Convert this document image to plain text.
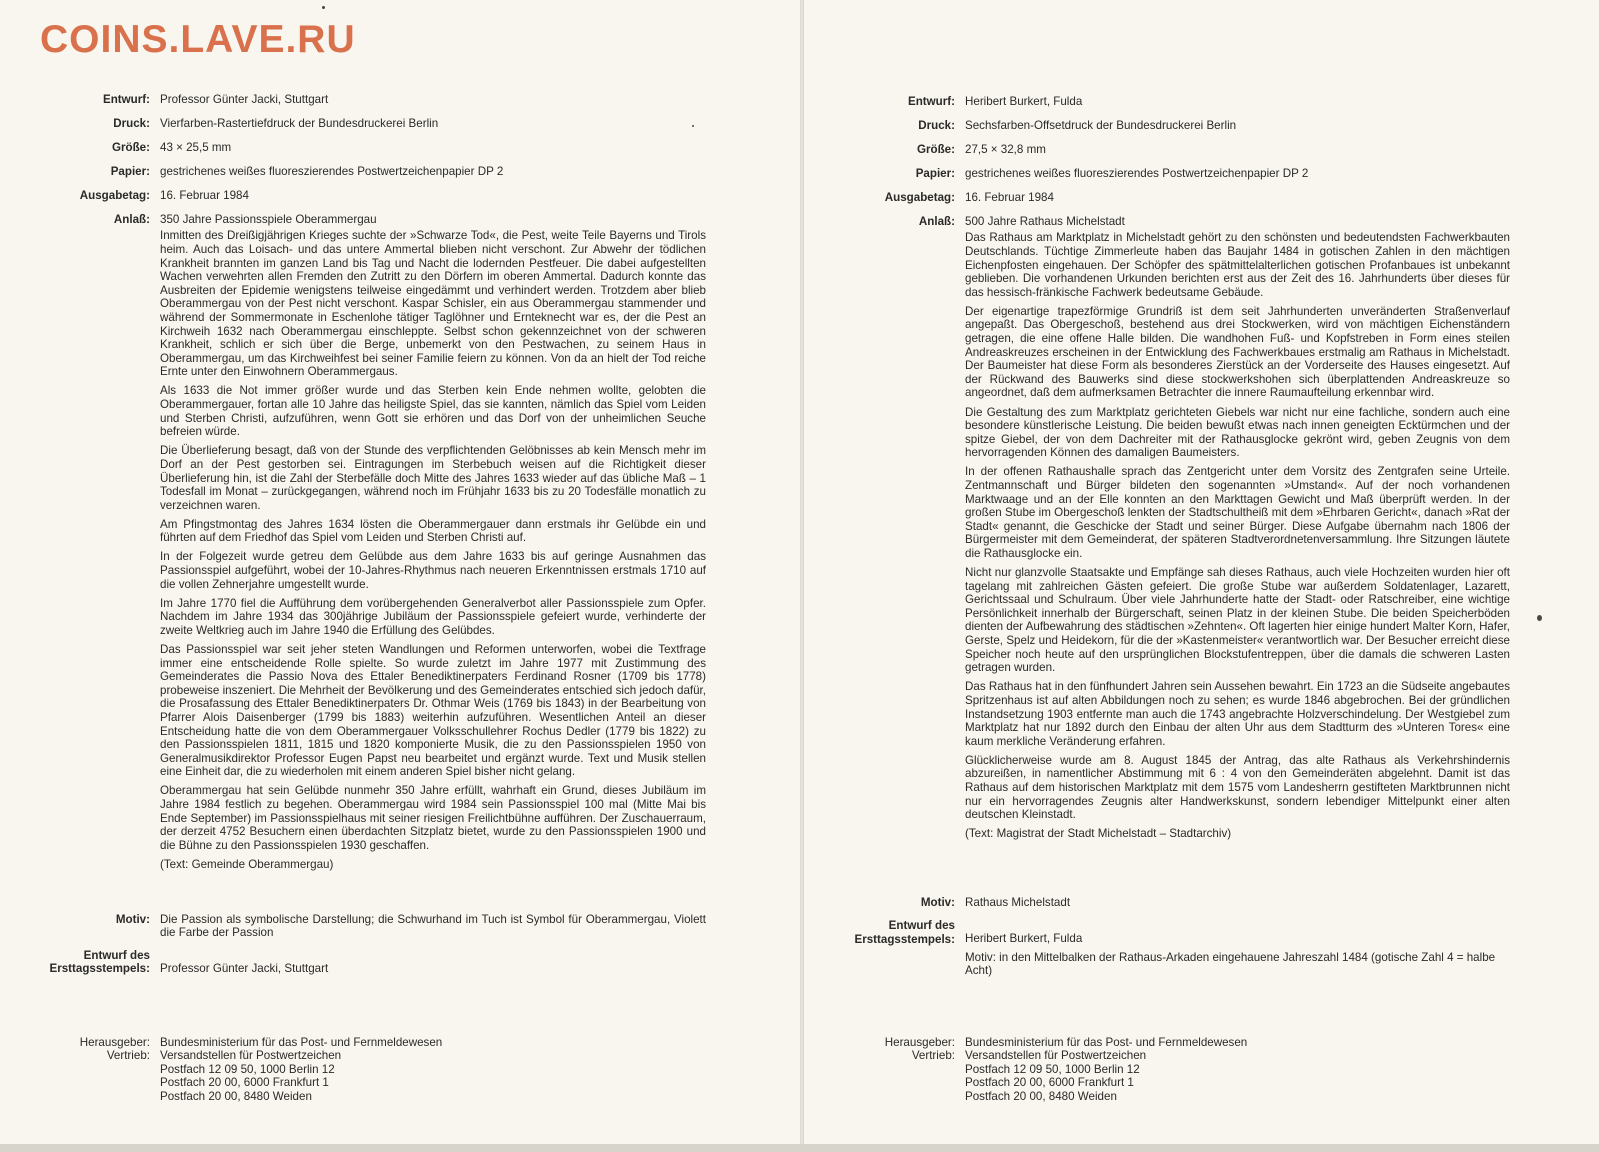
COINS.LAVE.RU
Entwurf: Professor Günter Jacki, Stuttgart
Druck: Vierfarben-Rastertiefdruck der Bundesdruckerei Berlin
Größe: 43 × 25,5 mm
Papier: gestrichenes weißes fluoreszierendes Postwertzeichenpapier DP 2
Ausgabetag: 16. Februar 1984
Anlaß: 350 Jahre Passionsspiele Oberammergau

Inmitten des Dreißigjährigen Krieges suchte der »Schwarze Tod«, die Pest, weite Teile Bayerns und Tirols heim. Auch das Loisach- und das untere Ammertal blieben nicht verschont. Zur Abwehr der tödlichen Krankheit brannten im ganzen Land bis Tag und Nacht die lodernden Pestfeuer. Die dabei aufgestellten Wachen verwehrten allen Fremden den Zutritt zu den Dörfern im oberen Ammertal. Dadurch konnte das Ausbreiten der Epidemie wenigstens teilweise eingedämmt und verhindert werden. Trotzdem aber blieb Oberammergau von der Pest nicht verschont. Kaspar Schisler, ein aus Oberammergau stammender und während der Sommermonate in Eschenlohe tätiger Taglöhner und Ernteknecht war es, der die Pest an Kirchweih 1632 nach Oberammergau einschleppte. Selbst schon gekennzeichnet von der schweren Krankheit, schlich er sich über die Berge, unbemerkt von den Pestwachen, zu seinem Haus in Oberammergau, um das Kirchweihfest bei seiner Familie feiern zu können. Von da an hielt der Tod reiche Ernte unter den Einwohnern Oberammergaus.

Als 1633 die Not immer größer wurde und das Sterben kein Ende nehmen wollte, gelobten die Oberammergauer, fortan alle 10 Jahre das heiligste Spiel, das sie kannten, nämlich das Spiel vom Leiden und Sterben Christi, aufzuführen, wenn Gott sie erhören und das Dorf von der unheimlichen Seuche befreien würde.

Die Überlieferung besagt, daß von der Stunde des verpflichtenden Gelöbnisses ab kein Mensch mehr im Dorf an der Pest gestorben sei. Eintragungen im Sterbebuch weisen auf die Richtigkeit dieser Überlieferung hin, ist die Zahl der Sterbefälle doch Mitte des Jahres 1633 wieder auf das übliche Maß – 1 Todesfall im Monat – zurückgegangen, während noch im Frühjahr 1633 bis zu 20 Todesfälle monatlich zu verzeichnen waren.

Am Pfingstmontag des Jahres 1634 lösten die Oberammergauer dann erstmals ihr Gelübde ein und führten auf dem Friedhof das Spiel vom Leiden und Sterben Christi auf.

In der Folgezeit wurde getreu dem Gelübde aus dem Jahre 1633 bis auf geringe Ausnahmen das Passionsspiel aufgeführt, wobei der 10-Jahres-Rhythmus nach neueren Erkenntnissen erstmals 1710 auf die vollen Zehnerjahre umgestellt wurde.

Im Jahre 1770 fiel die Aufführung dem vorübergehenden Generalverbot aller Passionsspiele zum Opfer. Nachdem im Jahre 1934 das 300jährige Jubiläum der Passionsspiele gefeiert wurde, verhinderte der zweite Weltkrieg auch im Jahre 1940 die Erfüllung des Gelübdes.

Das Passionsspiel war seit jeher steten Wandlungen und Reformen unterworfen, wobei die Textfrage immer eine entscheidende Rolle spielte. So wurde zuletzt im Jahre 1977 mit Zustimmung des Gemeinderates die Passio Nova des Ettaler Benediktinerpaters Ferdinand Rosner (1709 bis 1778) probeweise inszeniert. Die Mehrheit der Bevölkerung und des Gemeinderates entschied sich jedoch dafür, die Prosafassung des Ettaler Benediktinerpaters Dr. Othmar Weis (1769 bis 1843) in der Bearbeitung von Pfarrer Alois Daisenberger (1799 bis 1883) weiterhin aufzuführen. Wesentlichen Anteil an dieser Entscheidung hatte die von dem Oberammergauer Volksschullehrer Rochus Dedler (1779 bis 1822) zu den Passionsspielen 1811, 1815 und 1820 komponierte Musik, die zu den Passionsspielen 1950 von Generalmusikdirektor Professor Eugen Papst neu bearbeitet und ergänzt wurde. Text und Musik stellen eine Einheit dar, die zu wiederholen mit einem anderen Spiel bisher nicht gelang.

Oberammergau hat sein Gelübde nunmehr 350 Jahre erfüllt, wahrhaft ein Grund, dieses Jubiläum im Jahre 1984 festlich zu begehen. Oberammergau wird 1984 sein Passionsspiel 100 mal (Mitte Mai bis Ende September) im Passionsspielhaus mit seiner riesigen Freilichtbühne aufführen. Der Zuschauerraum, der derzeit 4752 Besuchern einen überdachten Sitzplatz bietet, wurde zu den Passionsspielen 1900 und die Bühne zu den Passionsspielen 1930 geschaffen.

(Text: Gemeinde Oberammergau)

Motiv: Die Passion als symbolische Darstellung; die Schwurhand im Tuch ist Symbol für Oberammergau, Violett die Farbe der Passion
Entwurf des
Ersttagsstempels: Professor Günter Jacki, Stuttgart
Herausgeber:
Vertrieb:
Bundesministerium für das Post- und Fernmeldewesen
Versandstellen für Postwertzeichen
Postfach 12 09 50, 1000 Berlin 12
Postfach 20 00, 6000 Frankfurt 1
Postfach 20 00, 8480 Weiden
Entwurf: Heribert Burkert, Fulda
Druck: Sechsfarben-Offsetdruck der Bundesdruckerei Berlin
Größe: 27,5 × 32,8 mm
Papier: gestrichenes weißes fluoreszierendes Postwertzeichenpapier DP 2
Ausgabetag: 16. Februar 1984
Anlaß: 500 Jahre Rathaus Michelstadt

Das Rathaus am Marktplatz in Michelstadt gehört zu den schönsten und bedeutendsten Fachwerkbauten Deutschlands. Tüchtige Zimmerleute haben das Baujahr 1484 in gotischen Zahlen in den mächtigen Eichenpfosten eingehauen. Der Schöpfer des spätmittelalterlichen gotischen Profanbaues ist unbekannt geblieben. Die vorhandenen Urkunden berichten erst aus der Zeit des 16. Jahrhunderts über dieses für das hessisch-fränkische Fachwerk bedeutsame Gebäude.

Der eigenartige trapezförmige Grundriß ist dem seit Jahrhunderten unveränderten Straßenverlauf angepaßt. Das Obergeschoß, bestehend aus drei Stockwerken, wird von mächtigen Eichenständern getragen, die eine offene Halle bilden. Die wandhohen Fuß- und Kopfstreben in Form eines steilen Andreaskreuzes erscheinen in der Entwicklung des Fachwerkbaues erstmalig am Rathaus in Michelstadt. Der Baumeister hat diese Form als besonderes Zierstück an der Vorderseite des Hauses eingesetzt. Auf der Rückwand des Bauwerks sind diese stockwerkshohen sich überplattenden Andreaskreuze so angeordnet, daß dem aufmerksamen Betrachter die innere Raumaufteilung erkennbar wird.

Die Gestaltung des zum Marktplatz gerichteten Giebels war nicht nur eine fachliche, sondern auch eine besondere künstlerische Leistung. Die beiden bewußt etwas nach innen geneigten Ecktürmchen und der spitze Giebel, der von dem Dachreiter mit der Rathausglocke gekrönt wird, geben Zeugnis von dem hervorragenden Können des damaligen Baumeisters.

In der offenen Rathaushalle sprach das Zentgericht unter dem Vorsitz des Zentgrafen seine Urteile. Zentmannschaft und Bürger bildeten den sogenannten »Umstand«. Auf der noch vorhandenen Marktwaage und an der Elle konnten an den Markttagen Gewicht und Maß überprüft werden. In der großen Stube im Obergeschoß lenkten der Stadtschultheiß mit dem »Ehrbaren Gericht«, danach »Rat der Stadt« genannt, die Geschicke der Stadt und seiner Bürger. Diese Aufgabe übernahm nach 1806 der Bürgermeister mit dem Gemeinderat, der späteren Stadtverordnetenversammlung. Ihre Sitzungen läutete die Rathausglocke ein.

Nicht nur glanzvolle Staatsakte und Empfänge sah dieses Rathaus, auch viele Hochzeiten wurden hier oft tagelang mit zahlreichen Gästen gefeiert. Die große Stube war außerdem Soldatenlager, Lazarett, Gerichtssaal und Schulraum. Über viele Jahrhunderte hatte der Stadt- oder Ratschreiber, eine wichtige Persönlichkeit innerhalb der Bürgerschaft, seinen Platz in der kleinen Stube. Die beiden Speicherböden dienten der Aufbewahrung des städtischen »Zehnten«. Oft lagerten hier einige hundert Malter Korn, Hafer, Gerste, Spelz und Heidekorn, für die der »Kastenmeister« verantwortlich war. Der Besucher erreicht diese Speicher noch heute auf den ursprünglichen Blockstufentreppen, über die damals die schweren Lasten getragen wurden.

Das Rathaus hat in den fünfhundert Jahren sein Aussehen bewahrt. Ein 1723 an die Südseite angebautes Spritzenhaus ist auf alten Abbildungen noch zu sehen; es wurde 1846 abgebrochen. Bei der gründlichen Instandsetzung 1903 entfernte man auch die 1743 angebrachte Holzverschindelung. Der Westgiebel zum Marktplatz hat nur 1892 durch den Einbau der alten Uhr aus dem Stadtturm des »Unteren Tores« eine kaum merkliche Veränderung erfahren.

Glücklicherweise wurde am 8. August 1845 der Antrag, das alte Rathaus als Verkehrshindernis abzureißen, in namentlicher Abstimmung mit 6 : 4 von den Gemeinderäten abgelehnt. Damit ist das Rathaus auf dem historischen Marktplatz mit dem 1575 vom Landesherrn gestifteten Marktbrunnen nicht nur ein hervorragendes Zeugnis alter Handwerkskunst, sondern lebendiger Mittelpunkt einer alten deutschen Kleinstadt.

(Text: Magistrat der Stadt Michelstadt – Stadtarchiv)

Motiv: Rathaus Michelstadt
Entwurf des
Ersttagsstempels: Heribert Burkert, Fulda
Motiv: in den Mittelbalken der Rathaus-Arkaden eingehauene Jahreszahl 1484 (gotische Zahl 4 = halbe Acht)
Herausgeber:
Vertrieb:
Bundesministerium für das Post- und Fernmeldewesen
Versandstellen für Postwertzeichen
Postfach 12 09 50, 1000 Berlin 12
Postfach 20 00, 6000 Frankfurt 1
Postfach 20 00, 8480 Weiden
